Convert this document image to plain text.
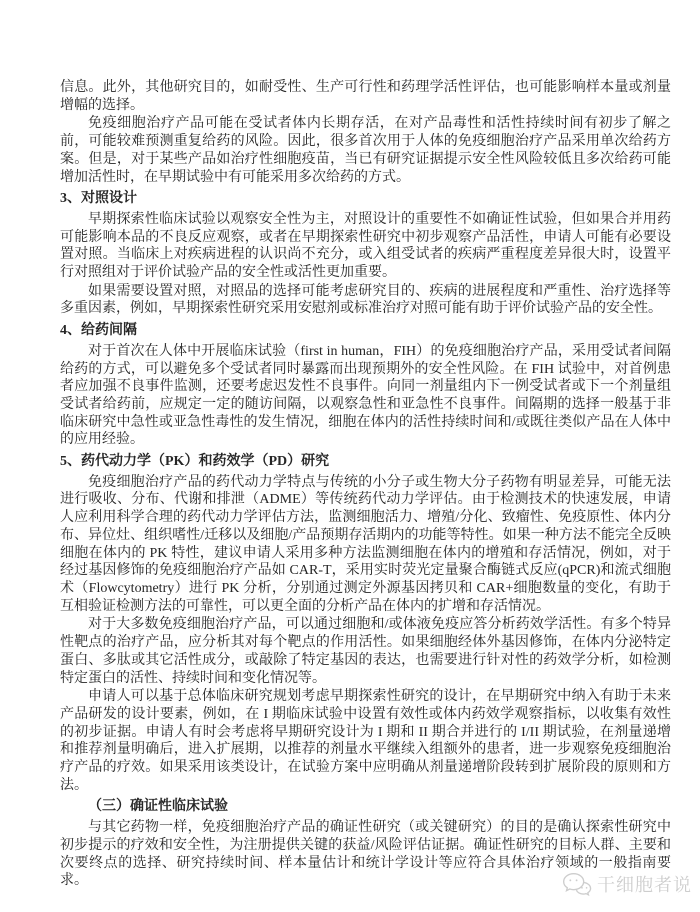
信息。此外，其他研究目的，如耐受性、生产可行性和药理学活性评估，也可能影响样本量或剂量增幅的选择。

免疫细胞治疗产品可能在受试者体内长期存活，在对产品毒性和活性持续时间有初步了解之前，可能较难预测重复给药的风险。因此，很多首次用于人体的免疫细胞治疗产品采用单次给药方案。但是，对于某些产品如治疗性细胞疫苗，当已有研究证据提示安全性风险较低且多次给药可能增加活性时，在早期试验中有可能采用多次给药的方式。

3、对照设计

早期探索性临床试验以观察安全性为主，对照设计的重要性不如确证性试验，但如果合并用药可能影响本品的不良反应观察，或者在早期探索性研究中初步观察产品活性，申请人可能有必要设置对照。当临床上对疾病进程的认识尚不充分，或入组受试者的疾病严重程度差异很大时，设置平行对照组对于评价试验产品的安全性或活性更加重要。

如果需要设置对照，对照品的选择可能考虑研究目的、疾病的进展程度和严重性、治疗选择等多重因素，例如，早期探索性研究采用安慰剂或标准治疗对照可能有助于评价试验产品的安全性。

4、给药间隔

对于首次在人体中开展临床试验（first in human，FIH）的免疫细胞治疗产品，采用受试者间隔给药的方式，可以避免多个受试者同时暴露而出现预期外的安全性风险。在 FIH 试验中，对首例患者应加强不良事件监测，还要考虑迟发性不良事件。向同一剂量组内下一例受试者或下一个剂量组受试者给药前，应规定一定的随访间隔，以观察急性和亚急性不良事件。间隔期的选择一般基于非临床研究中急性或亚急性毒性的发生情况，细胞在体内的活性持续时间和/或既往类似产品在人体中的应用经验。

5、药代动力学（PK）和药效学（PD）研究

免疫细胞治疗产品的药代动力学特点与传统的小分子或生物大分子药物有明显差异，可能无法进行吸收、分布、代谢和排泄（ADME）等传统药代动力学评估。由于检测技术的快速发展，申请人应利用科学合理的药代动力学评估方法，监测细胞活力、增殖/分化、致瘤性、免疫原性、体内分布、异位灶、组织嗜性/迁移以及细胞/产品预期存活期内的功能等特性。如果一种方法不能完全反映细胞在体内的 PK 特性，建议申请人采用多种方法监测细胞在体内的增殖和存活情况，例如，对于经过基因修饰的免疫细胞治疗产品如 CAR-T，采用实时荧光定量聚合酶链式反应(qPCR)和流式细胞术（Flowcytometry）进行 PK 分析，分别通过测定外源基因拷贝和 CAR+细胞数量的变化，有助于互相验证检测方法的可靠性，可以更全面的分析产品在体内的扩增和存活情况。

对于大多数免疫细胞治疗产品，可以通过细胞和/或体液免疫应答分析药效学活性。有多个特异性靶点的治疗产品，应分析其对每个靶点的作用活性。如果细胞经体外基因修饰，在体内分泌特定蛋白、多肽或其它活性成分，或敲除了特定基因的表达，也需要进行针对性的药效学分析，如检测特定蛋白的活性、持续时间和变化情况等。

申请人可以基于总体临床研究规划考虑早期探索性研究的设计，在早期研究中纳入有助于未来产品研发的设计要素，例如，在 I 期临床试验中设置有效性或体内药效学观察指标，以收集有效性的初步证据。申请人有时会考虑将早期研究设计为 I 期和 II 期合并进行的 I/II 期试验，在剂量递增和推荐剂量明确后，进入扩展期，以推荐的剂量水平继续入组额外的患者，进一步观察免疫细胞治疗产品的疗效。如果采用该类设计，在试验方案中应明确从剂量递增阶段转到扩展阶段的原则和方法。

（三）确证性临床试验

与其它药物一样，免疫细胞治疗产品的确证性研究（或关键研究）的目的是确认探索性研究中初步提示的疗效和安全性，为注册提供关键的获益/风险评估证据。确证性研究的目标人群、主要和次要终点的选择、研究持续时间、样本量估计和统计学设计等应符合具体治疗领域的一般指南要求。	干细胞者说
